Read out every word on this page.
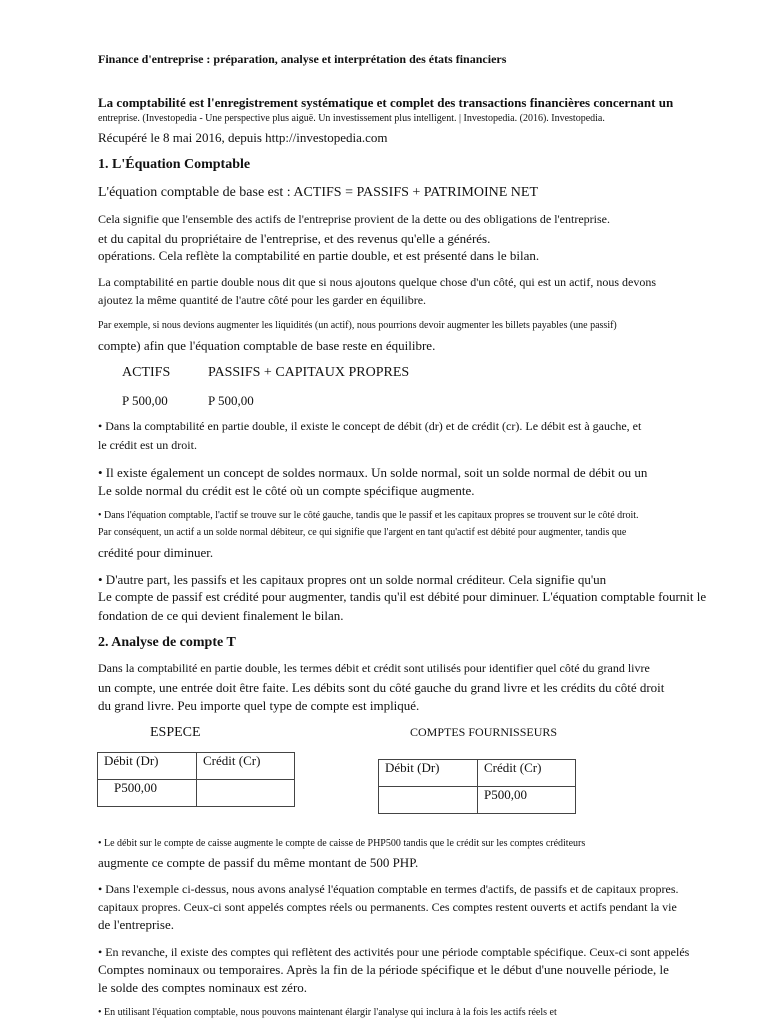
Finance d'entreprise : préparation, analyse et interprétation des états financiers
La comptabilité est l'enregistrement systématique et complet des transactions financières concernant un
entreprise. (Investopedia - Une perspective plus aiguë. Un investissement plus intelligent. | Investopedia. (2016). Investopedia.
Récupéré le 8 mai 2016, depuis http://investopedia.com
1. L'Équation Comptable
L'équation comptable de base est : ACTIFS = PASSIFS + PATRIMOINE NET
Cela signifie que l'ensemble des actifs de l'entreprise provient de la dette ou des obligations de l'entreprise.
et du capital du propriétaire de l'entreprise, et des revenus qu'elle a générés.
opérations. Cela reflète la comptabilité en partie double, et est présenté dans le bilan.
La comptabilité en partie double nous dit que si nous ajoutons quelque chose d'un côté, qui est un actif, nous devons
ajoutez la même quantité de l'autre côté pour les garder en équilibre.
Par exemple, si nous devions augmenter les liquidités (un actif), nous pourrions devoir augmenter les billets payables (une passif)
compte) afin que l'équation comptable de base reste en équilibre.
ACTIFS	PASSIFS + CAPITAUX PROPRES
P 500,00	P 500,00
• Dans la comptabilité en partie double, il existe le concept de débit (dr) et de crédit (cr). Le débit est à gauche, et
le crédit est un droit.
• Il existe également un concept de soldes normaux. Un solde normal, soit un solde normal de débit ou un
Le solde normal du crédit est le côté où un compte spécifique augmente.
• Dans l'équation comptable, l'actif se trouve sur le côté gauche, tandis que le passif et les capitaux propres se trouvent sur le côté droit.
Par conséquent, un actif a un solde normal débiteur, ce qui signifie que l'argent en tant qu'actif est débité pour augmenter, tandis que
crédité pour diminuer.
• D'autre part, les passifs et les capitaux propres ont un solde normal créditeur. Cela signifie qu'un
Le compte de passif est crédité pour augmenter, tandis qu'il est débité pour diminuer. L'équation comptable fournit le
fondation de ce qui devient finalement le bilan.
2. Analyse de compte T
Dans la comptabilité en partie double, les termes débit et crédit sont utilisés pour identifier quel côté du grand livre
un compte, une entrée doit être faite. Les débits sont du côté gauche du grand livre et les crédits du côté droit
du grand livre. Peu importe quel type de compte est impliqué.
ESPECE
Débit (Dr)	Crédit (Cr)
P500,00	
COMPTES FOURNISSEURS
Débit (Dr)	Crédit (Cr)
	P500,00
• Le débit sur le compte de caisse augmente le compte de caisse de PHP500 tandis que le crédit sur les comptes créditeurs
augmente ce compte de passif du même montant de 500 PHP.
• Dans l'exemple ci-dessus, nous avons analysé l'équation comptable en termes d'actifs, de passifs et de capitaux propres.
capitaux propres. Ceux-ci sont appelés comptes réels ou permanents. Ces comptes restent ouverts et actifs pendant la vie
de l'entreprise.
• En revanche, il existe des comptes qui reflètent des activités pour une période comptable spécifique. Ceux-ci sont appelés
Comptes nominaux ou temporaires. Après la fin de la période spécifique et le début d'une nouvelle période, le
le solde des comptes nominaux est zéro.
• En utilisant l'équation comptable, nous pouvons maintenant élargir l'analyse qui inclura à la fois les actifs réels et
